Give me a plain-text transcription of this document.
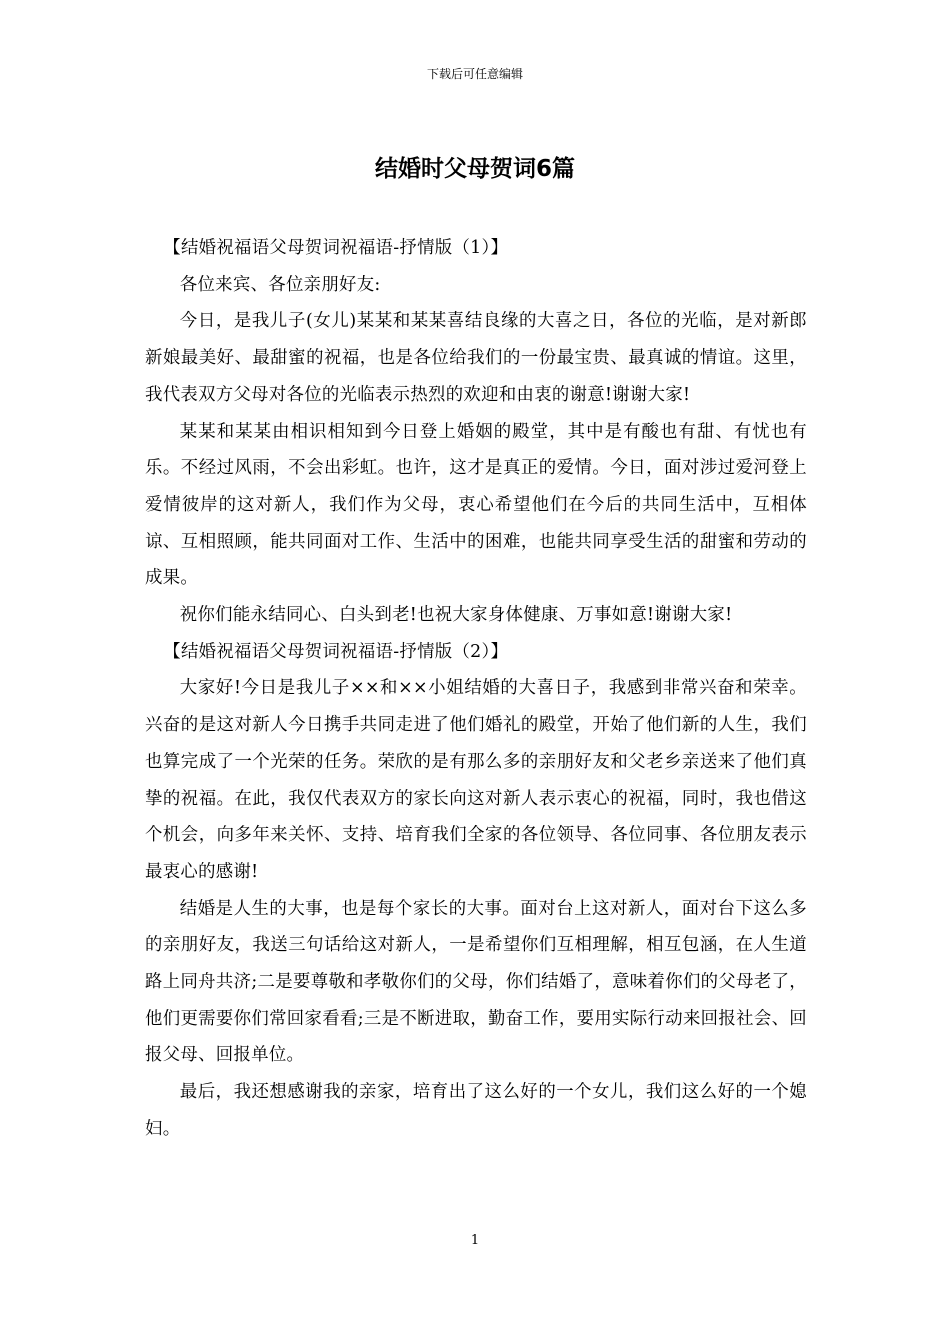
下载后可任意编辑
结婚时父母贺词6篇

【结婚祝福语父母贺词祝福语-抒情版（1）】

各位来宾、各位亲朋好友:

今日，是我儿子(女儿)某某和某某喜结良缘的大喜之日，各位的光临，是对新郎新娘最美好、最甜蜜的祝福，也是各位给我们的一份最宝贵、最真诚的情谊。这里，我代表双方父母对各位的光临表示热烈的欢迎和由衷的谢意!谢谢大家!

某某和某某由相识相知到今日登上婚姻的殿堂，其中是有酸也有甜、有忧也有乐。不经过风雨，不会出彩虹。也许，这才是真正的爱情。今日，面对涉过爱河登上爱情彼岸的这对新人，我们作为父母，衷心希望他们在今后的共同生活中，互相体谅、互相照顾，能共同面对工作、生活中的困难，也能共同享受生活的甜蜜和劳动的成果。

祝你们能永结同心、白头到老!也祝大家身体健康、万事如意!谢谢大家!

【结婚祝福语父母贺词祝福语-抒情版（2）】

大家好!今日是我儿子××和××小姐结婚的大喜日子，我感到非常兴奋和荣幸。兴奋的是这对新人今日携手共同走进了他们婚礼的殿堂，开始了他们新的人生，我们也算完成了一个光荣的任务。荣欣的是有那么多的亲朋好友和父老乡亲送来了他们真挚的祝福。在此，我仅代表双方的家长向这对新人表示衷心的祝福，同时，我也借这个机会，向多年来关怀、支持、培育我们全家的各位领导、各位同事、各位朋友表示最衷心的感谢!

结婚是人生的大事，也是每个家长的大事。面对台上这对新人，面对台下这么多的亲朋好友，我送三句话给这对新人，一是希望你们互相理解，相互包涵，在人生道路上同舟共济;二是要尊敬和孝敬你们的父母，你们结婚了，意味着你们的父母老了，他们更需要你们常回家看看;三是不断进取，勤奋工作，要用实际行动来回报社会、回报父母、回报单位。

最后，我还想感谢我的亲家，培育出了这么好的一个女儿，我们这么好的一个媳妇。

1
